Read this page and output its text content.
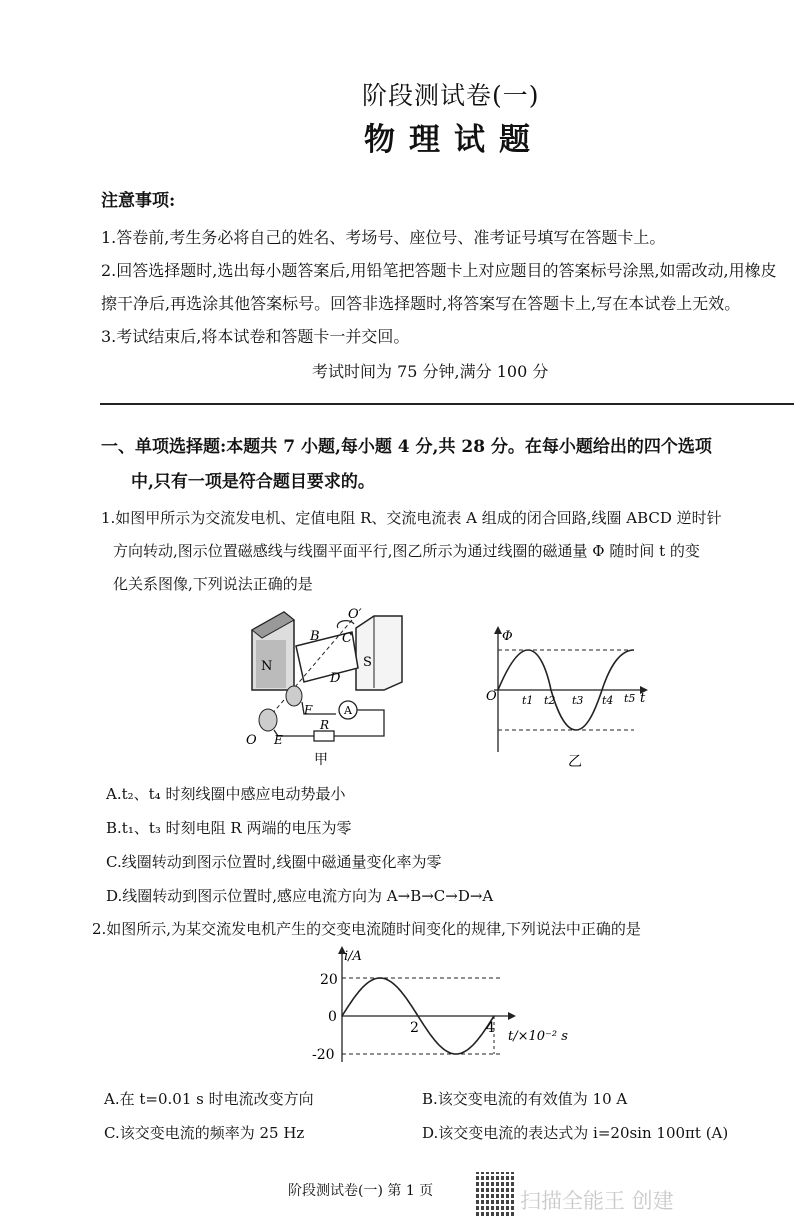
阶段测试卷(一)
物理试题
注意事项:
1.答卷前,考生务必将自己的姓名、考场号、座位号、准考证号填写在答题卡上。
2.回答选择题时,选出每小题答案后,用铅笔把答题卡上对应题目的答案标号涂黑,如需改动,用橡皮
擦干净后,再选涂其他答案标号。回答非选择题时,将答案写在答题卡上,写在本试卷上无效。
3.考试结束后,将本试卷和答题卡一并交回。
考试时间为 75 分钟,满分 100 分
一、单项选择题:本题共 7 小题,每小题 4 分,共 28 分。在每小题给出的四个选项
中,只有一项是符合题目要求的。
1.如图甲所示为交流发电机、定值电阻 R、交流电流表 A 组成的闭合回路,线圈 ABCD 逆时针
方向转动,图示位置磁感线与线圈平面平行,图乙所示为通过线圈的磁通量 Φ 随时间 t 的变
化关系图像,下列说法正确的是
N	S
B C
O′
D
F	A
E
O
R
甲
Φ
t
O t1 t2 t3 t4 t5
乙
A.t₂、t₄ 时刻线圈中感应电动势最小
B.t₁、t₃ 时刻电阻 R 两端的电压为零
C.线圈转动到图示位置时,线圈中磁通量变化率为零
D.线圈转动到图示位置时,感应电流方向为 A→B→C→D→A
2.如图所示,为某交流发电机产生的交变电流随时间变化的规律,下列说法中正确的是
i/A
t/×10⁻² s
20
0
-20
2	4
A.在 t=0.01 s 时电流改变方向	B.该交变电流的有效值为 10 A
C.该交变电流的频率为 25 Hz	D.该交变电流的表达式为 i=20sin 100πt (A)
阶段测试卷(一) 第 1 页	扫描全能王 创建
